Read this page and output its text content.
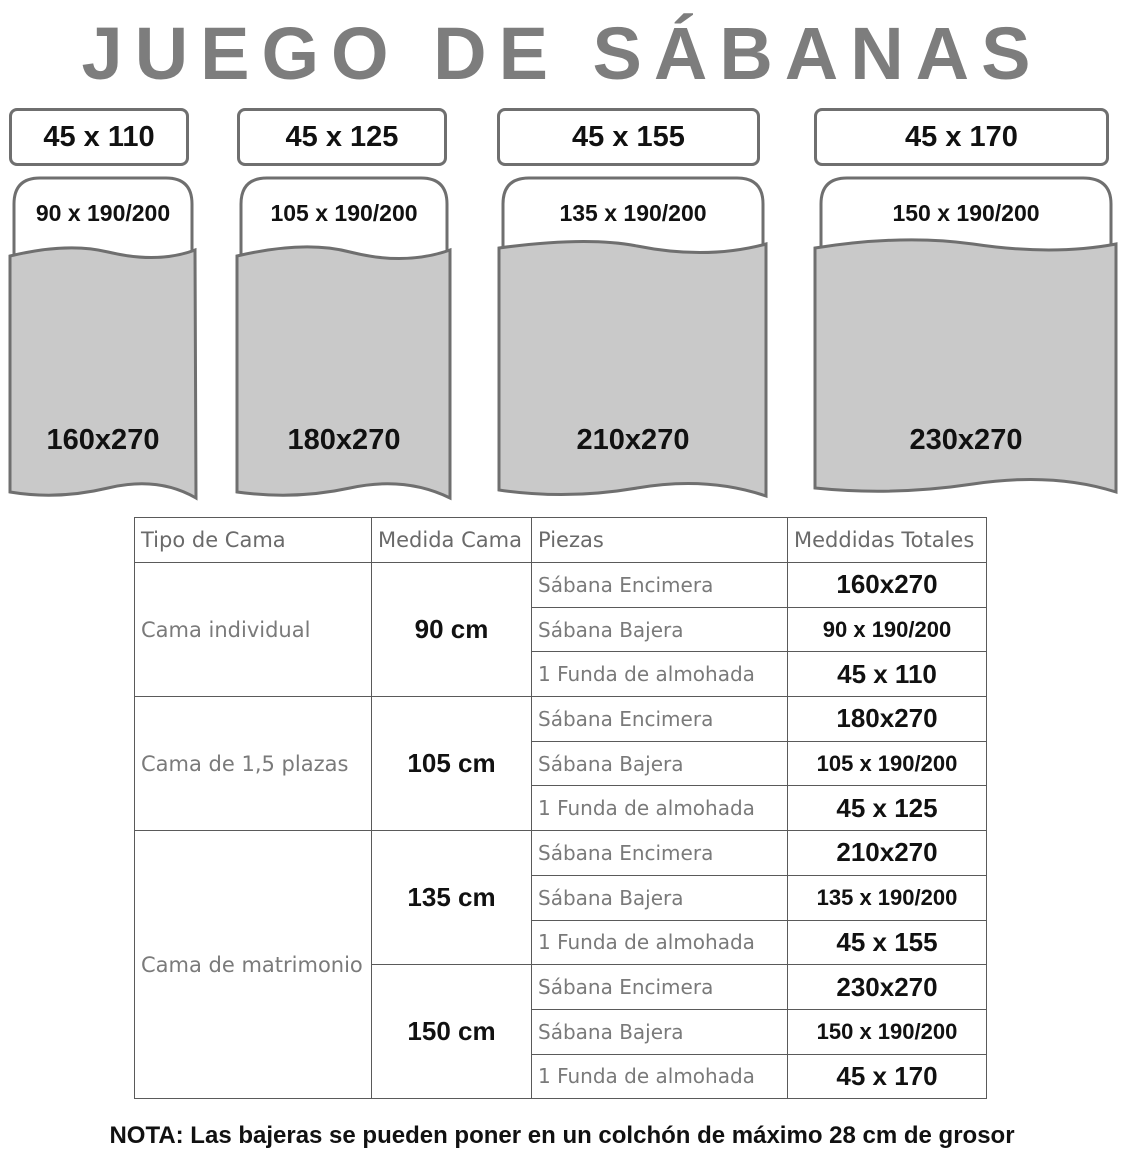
JUEGO DE SÁBANAS
45 x 110	45 x 125	45 x 155	45 x 170
90 x 190/200
160x270
105 x 190/200
180x270
135 x 190/200
210x270
150 x 190/200
230x270
Tipo de Cama	Medida Cama	Piezas	Meddidas Totales
Cama individual	90 cm	Sábana Encimera	160x270
		Sábana Bajera	90 x 190/200
		1 Funda de almohada	45 x 110
Cama de 1,5 plazas	105 cm	Sábana Encimera	180x270
		Sábana Bajera	105 x 190/200
		1 Funda de almohada	45 x 125
Cama de matrimonio	135 cm	Sábana Encimera	210x270
		Sábana Bajera	135 x 190/200
		1 Funda de almohada	45 x 155
	150 cm	Sábana Encimera	230x270
		Sábana Bajera	150 x 190/200
		1 Funda de almohada	45 x 170
NOTA: Las bajeras se pueden poner en un colchón de máximo 28 cm de grosor
